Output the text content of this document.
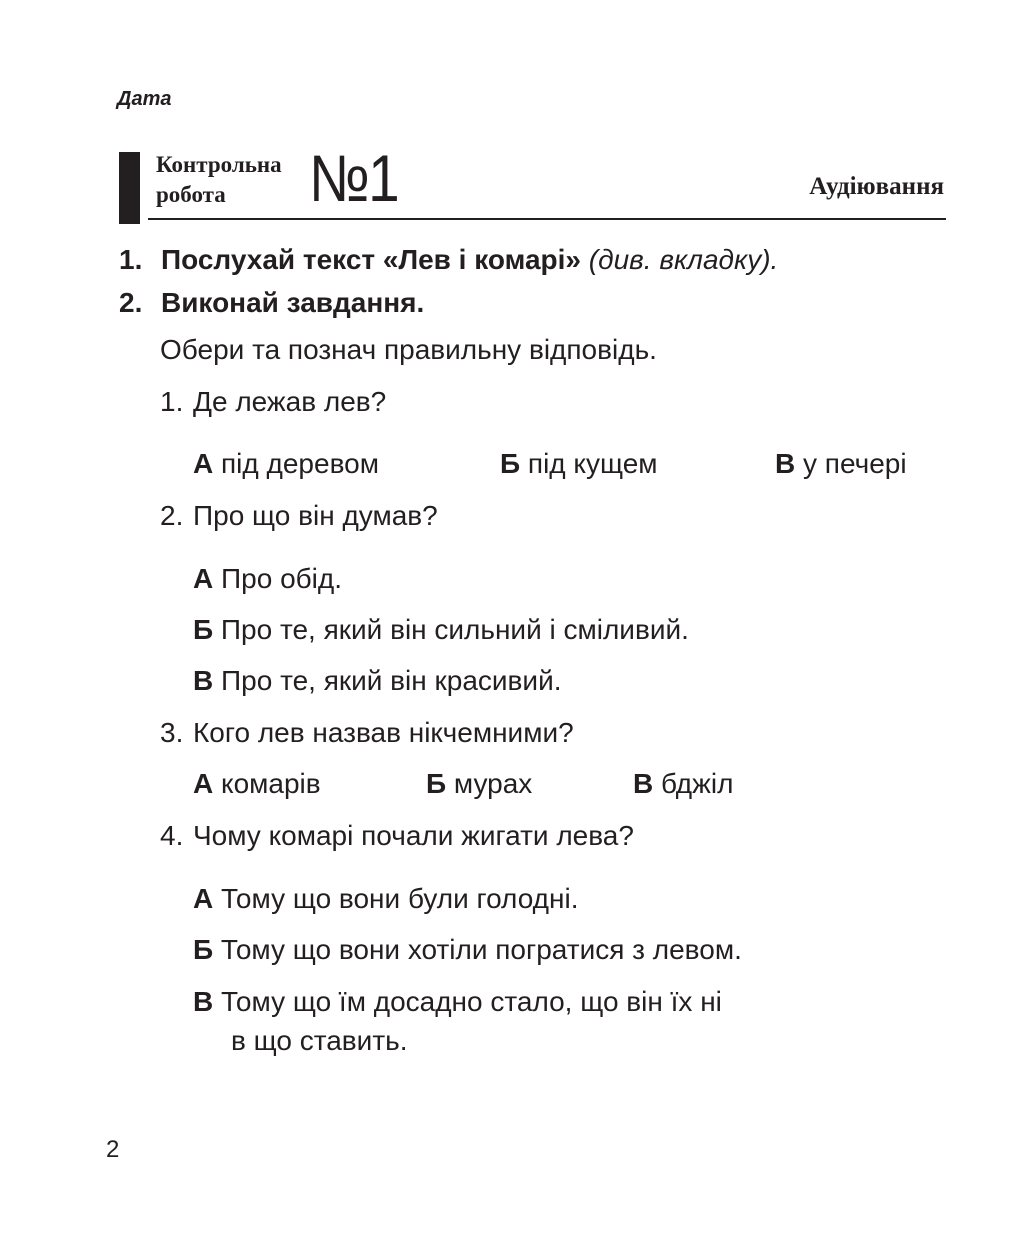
Дата
Контрольна робота	№1	Аудіювання
1. Послухай текст «Лев і комарі» (див. вкладку).
2. Виконай завдання.
Обери та познач правильну відповідь.
1. Де лежав лев?
А під деревом	Б під кущем	В у печері
2. Про що він думав?
А Про обід.
Б Про те, який він сильний і сміливий.
В Про те, який він красивий.
3. Кого лев назвав нікчемними?
А комарів	Б мурах	В бджіл
4. Чому комарі почали жигати лева?
А Тому що вони були голодні.
Б Тому що вони хотіли погратися з левом.
В Тому що їм досадно стало, що він їх ні
в що ставить.
2
